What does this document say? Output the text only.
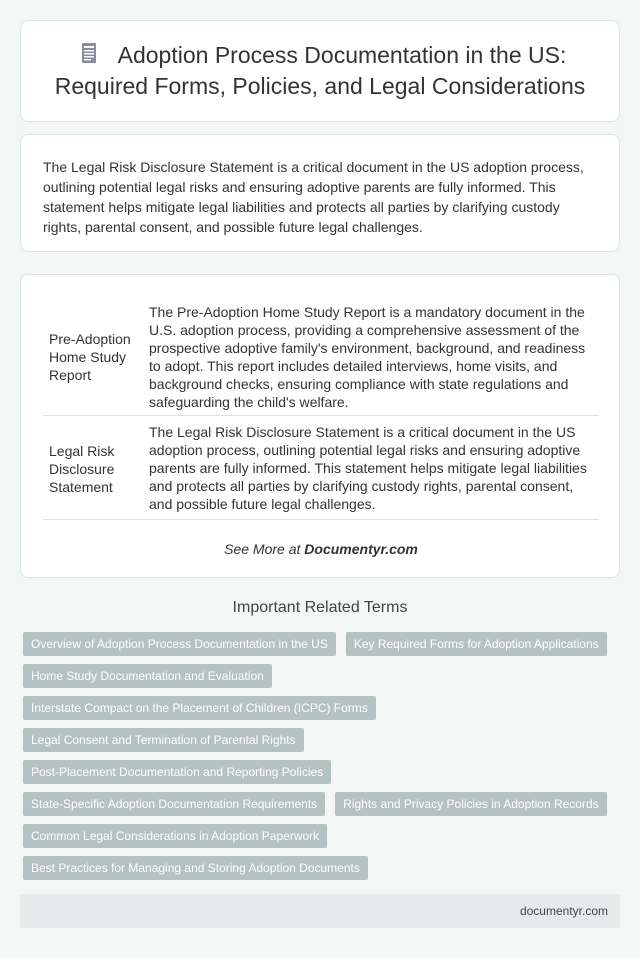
Adoption Process Documentation in the US: Required Forms, Policies, and Legal Considerations

The Legal Risk Disclosure Statement is a critical document in the US adoption process, outlining potential legal risks and ensuring adoptive parents are fully informed. This statement helps mitigate legal liabilities and protects all parties by clarifying custody rights, parental consent, and possible future legal challenges.

Pre-Adoption Home Study Report	The Pre-Adoption Home Study Report is a mandatory document in the U.S. adoption process, providing a comprehensive assessment of the prospective adoptive family's environment, background, and readiness to adopt. This report includes detailed interviews, home visits, and background checks, ensuring compliance with state regulations and safeguarding the child's welfare.
Legal Risk Disclosure Statement	The Legal Risk Disclosure Statement is a critical document in the US adoption process, outlining potential legal risks and ensuring adoptive parents are fully informed. This statement helps mitigate legal liabilities and protects all parties by clarifying custody rights, parental consent, and possible future legal challenges.
See More at Documentyr.com
Important Related Terms
Overview of Adoption Process Documentation in the US	Key Required Forms for Adoption Applications
Home Study Documentation and Evaluation
Interstate Compact on the Placement of Children (ICPC) Forms
Legal Consent and Termination of Parental Rights
Post-Placement Documentation and Reporting Policies
State-Specific Adoption Documentation Requirements	Rights and Privacy Policies in Adoption Records
Common Legal Considerations in Adoption Paperwork
Best Practices for Managing and Storing Adoption Documents
documentyr.com
